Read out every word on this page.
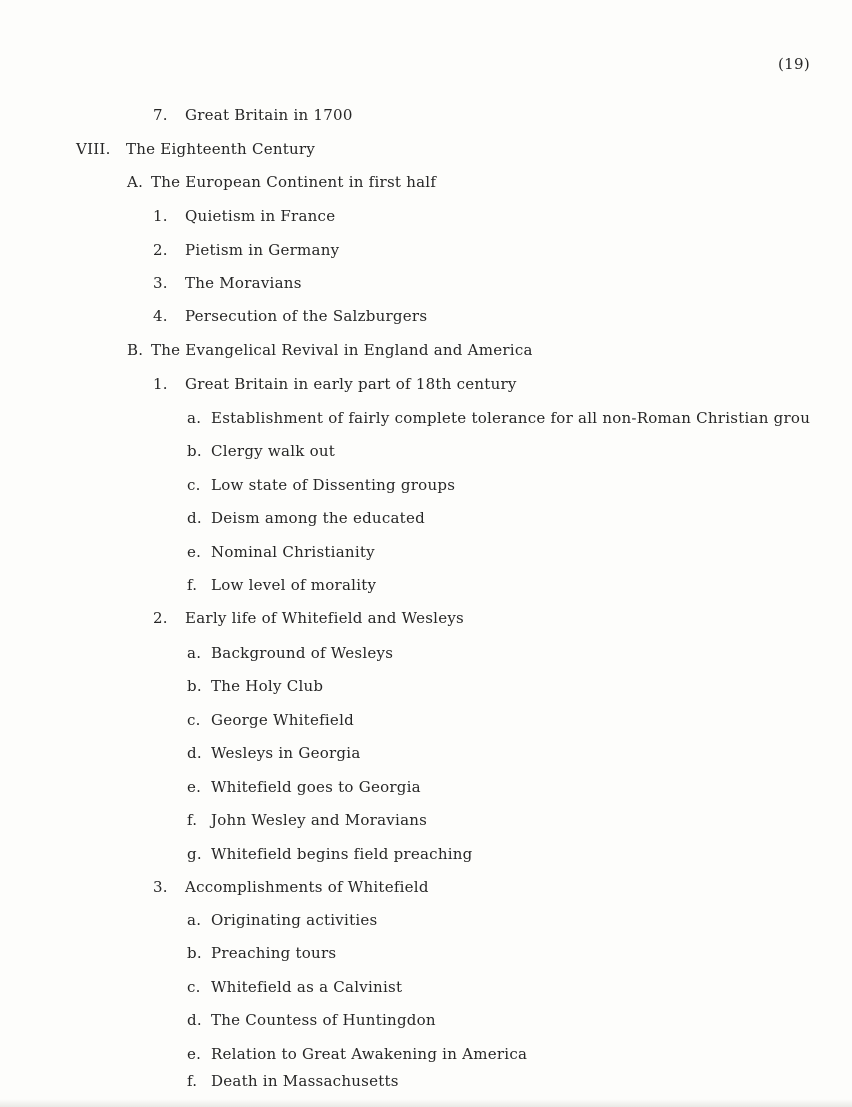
(19)
7. Great Britain in 1700
VIII. The Eighteenth Century
A. The European Continent in first half
1. Quietism in France
2. Pietism in Germany
3. The Moravians
4. Persecution of the Salzburgers
B. The Evangelical Revival in England and America
1. Great Britain in early part of 18th century
a. Establishment of fairly complete tolerance for all non-Roman Christian grou
b. Clergy walk out
c. Low state of Dissenting groups
d. Deism among the educated
e. Nominal Christianity
f. Low level of morality
2. Early life of Whitefield and Wesleys
a. Background of Wesleys
b. The Holy Club
c. George Whitefield
d. Wesleys in Georgia
e. Whitefield goes to Georgia
f. John Wesley and Moravians
g. Whitefield begins field preaching
3. Accomplishments of Whitefield
a. Originating activities
b. Preaching tours
c. Whitefield as a Calvinist
d. The Countess of Huntingdon
e. Relation to Great Awakening in America
f. Death in Massachusetts
